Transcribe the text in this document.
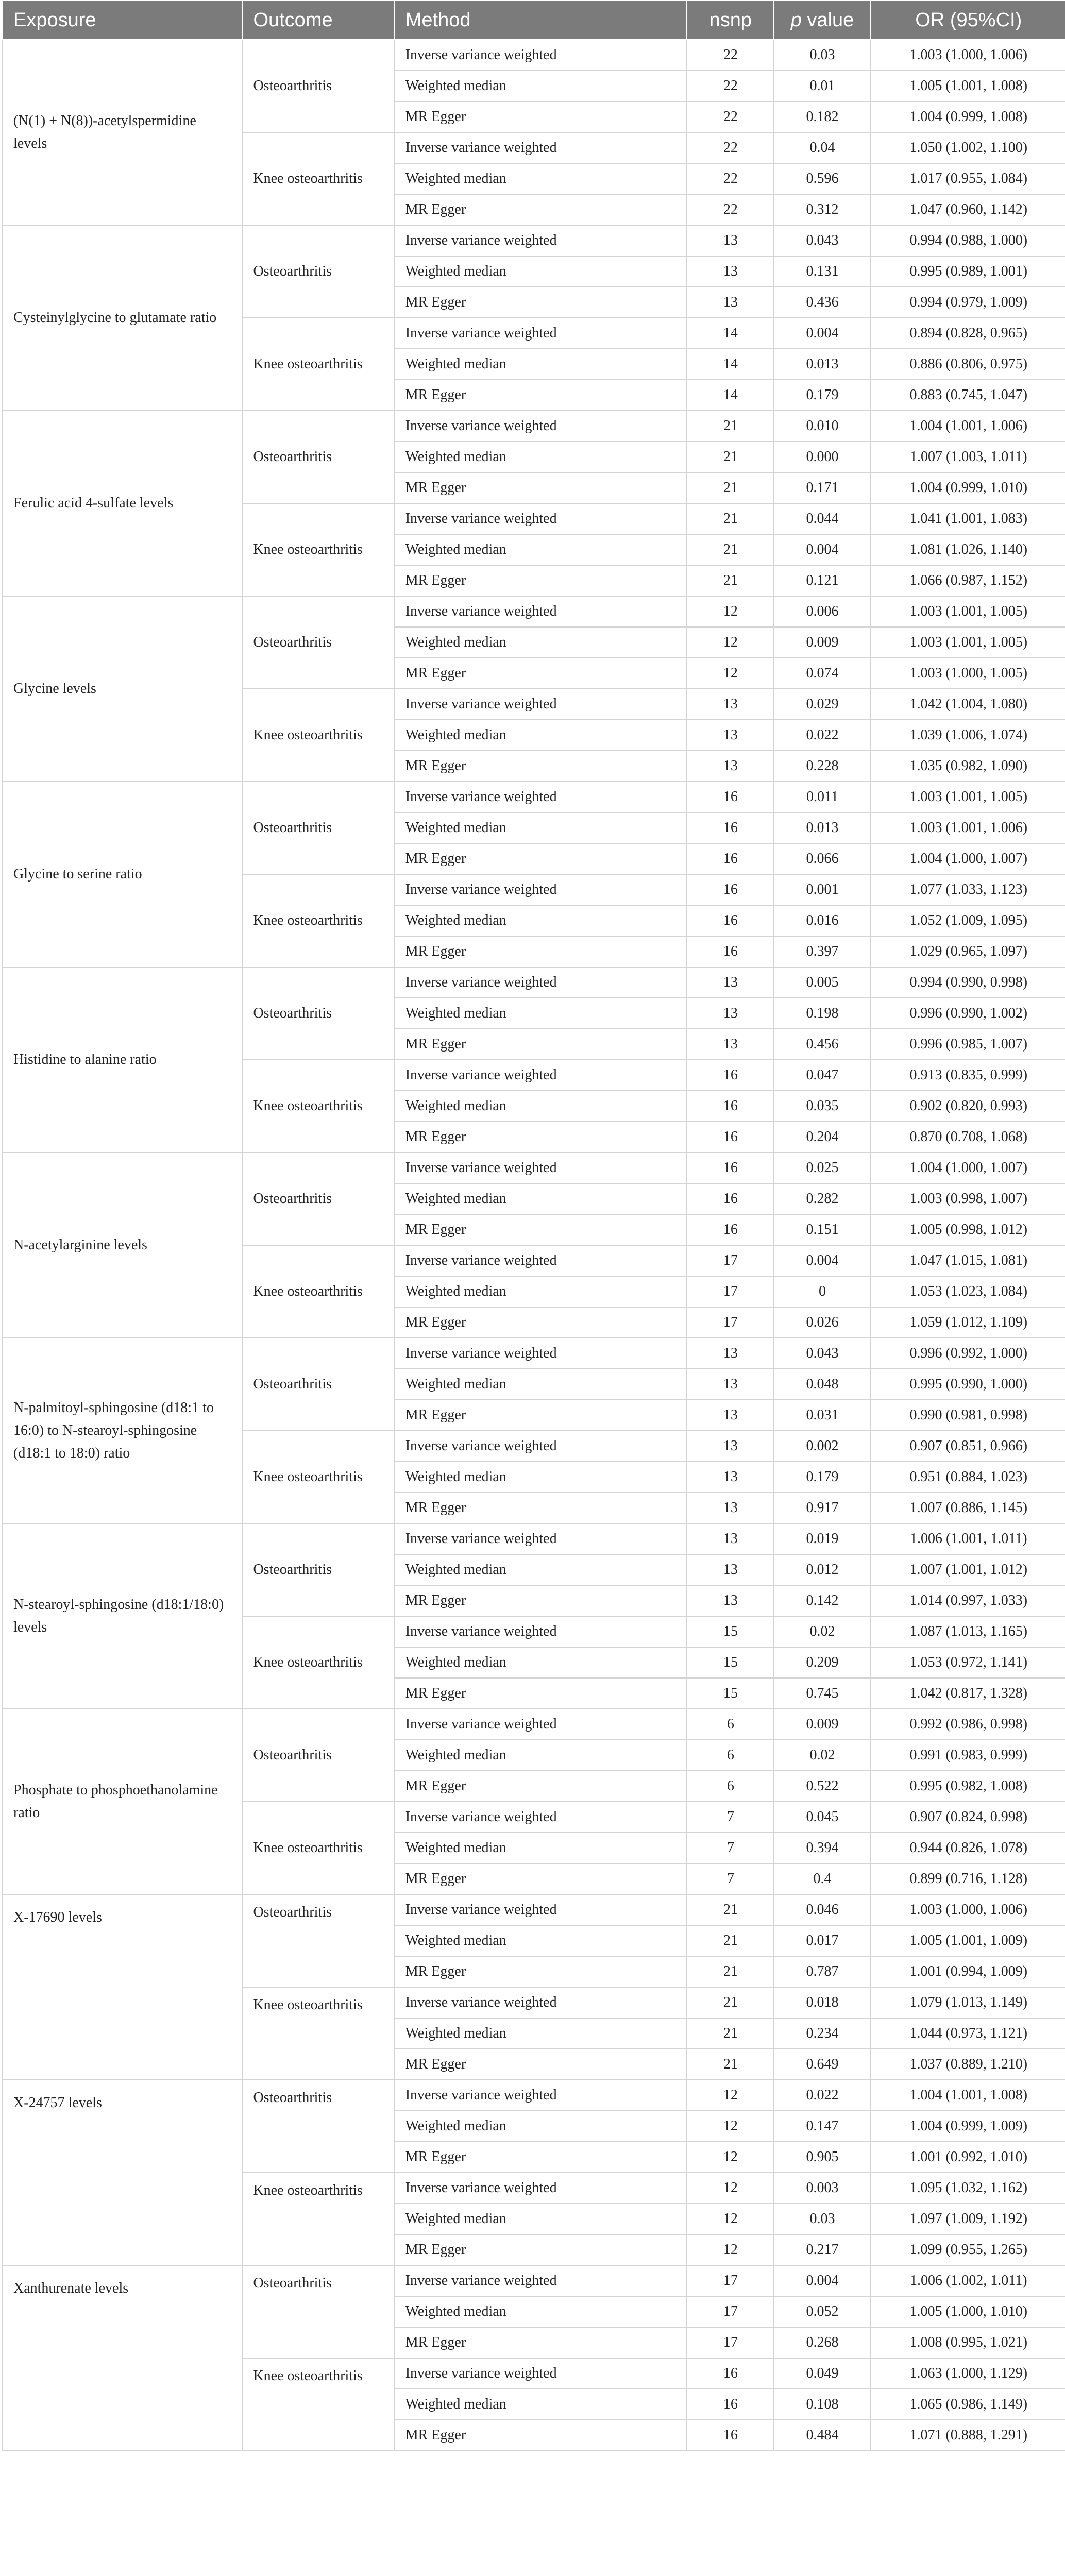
Exposure	Outcome	Method	nsnp	p value	OR (95%CI)
(N(1) + N(8))-acetylspermidine levels	Osteoarthritis	Inverse variance weighted	22	0.03	1.003 (1.000, 1.006)
		Weighted median	22	0.01	1.005 (1.001, 1.008)
		MR Egger	22	0.182	1.004 (0.999, 1.008)
	Knee osteoarthritis	Inverse variance weighted	22	0.04	1.050 (1.002, 1.100)
		Weighted median	22	0.596	1.017 (0.955, 1.084)
		MR Egger	22	0.312	1.047 (0.960, 1.142)
Cysteinylglycine to glutamate ratio	Osteoarthritis	Inverse variance weighted	13	0.043	0.994 (0.988, 1.000)
		Weighted median	13	0.131	0.995 (0.989, 1.001)
		MR Egger	13	0.436	0.994 (0.979, 1.009)
	Knee osteoarthritis	Inverse variance weighted	14	0.004	0.894 (0.828, 0.965)
		Weighted median	14	0.013	0.886 (0.806, 0.975)
		MR Egger	14	0.179	0.883 (0.745, 1.047)
Ferulic acid 4-sulfate levels	Osteoarthritis	Inverse variance weighted	21	0.010	1.004 (1.001, 1.006)
		Weighted median	21	0.000	1.007 (1.003, 1.011)
		MR Egger	21	0.171	1.004 (0.999, 1.010)
	Knee osteoarthritis	Inverse variance weighted	21	0.044	1.041 (1.001, 1.083)
		Weighted median	21	0.004	1.081 (1.026, 1.140)
		MR Egger	21	0.121	1.066 (0.987, 1.152)
Glycine levels	Osteoarthritis	Inverse variance weighted	12	0.006	1.003 (1.001, 1.005)
		Weighted median	12	0.009	1.003 (1.001, 1.005)
		MR Egger	12	0.074	1.003 (1.000, 1.005)
	Knee osteoarthritis	Inverse variance weighted	13	0.029	1.042 (1.004, 1.080)
		Weighted median	13	0.022	1.039 (1.006, 1.074)
		MR Egger	13	0.228	1.035 (0.982, 1.090)
Glycine to serine ratio	Osteoarthritis	Inverse variance weighted	16	0.011	1.003 (1.001, 1.005)
		Weighted median	16	0.013	1.003 (1.001, 1.006)
		MR Egger	16	0.066	1.004 (1.000, 1.007)
	Knee osteoarthritis	Inverse variance weighted	16	0.001	1.077 (1.033, 1.123)
		Weighted median	16	0.016	1.052 (1.009, 1.095)
		MR Egger	16	0.397	1.029 (0.965, 1.097)
Histidine to alanine ratio	Osteoarthritis	Inverse variance weighted	13	0.005	0.994 (0.990, 0.998)
		Weighted median	13	0.198	0.996 (0.990, 1.002)
		MR Egger	13	0.456	0.996 (0.985, 1.007)
	Knee osteoarthritis	Inverse variance weighted	16	0.047	0.913 (0.835, 0.999)
		Weighted median	16	0.035	0.902 (0.820, 0.993)
		MR Egger	16	0.204	0.870 (0.708, 1.068)
N-acetylarginine levels	Osteoarthritis	Inverse variance weighted	16	0.025	1.004 (1.000, 1.007)
		Weighted median	16	0.282	1.003 (0.998, 1.007)
		MR Egger	16	0.151	1.005 (0.998, 1.012)
	Knee osteoarthritis	Inverse variance weighted	17	0.004	1.047 (1.015, 1.081)
		Weighted median	17	0	1.053 (1.023, 1.084)
		MR Egger	17	0.026	1.059 (1.012, 1.109)
N-palmitoyl-sphingosine (d18:1 to 16:0) to N-stearoyl-sphingosine (d18:1 to 18:0) ratio	Osteoarthritis	Inverse variance weighted	13	0.043	0.996 (0.992, 1.000)
		Weighted median	13	0.048	0.995 (0.990, 1.000)
		MR Egger	13	0.031	0.990 (0.981, 0.998)
	Knee osteoarthritis	Inverse variance weighted	13	0.002	0.907 (0.851, 0.966)
		Weighted median	13	0.179	0.951 (0.884, 1.023)
		MR Egger	13	0.917	1.007 (0.886, 1.145)
N-stearoyl-sphingosine (d18:1/18:0) levels	Osteoarthritis	Inverse variance weighted	13	0.019	1.006 (1.001, 1.011)
		Weighted median	13	0.012	1.007 (1.001, 1.012)
		MR Egger	13	0.142	1.014 (0.997, 1.033)
	Knee osteoarthritis	Inverse variance weighted	15	0.02	1.087 (1.013, 1.165)
		Weighted median	15	0.209	1.053 (0.972, 1.141)
		MR Egger	15	0.745	1.042 (0.817, 1.328)
Phosphate to phosphoethanolamine ratio	Osteoarthritis	Inverse variance weighted	6	0.009	0.992 (0.986, 0.998)
		Weighted median	6	0.02	0.991 (0.983, 0.999)
		MR Egger	6	0.522	0.995 (0.982, 1.008)
	Knee osteoarthritis	Inverse variance weighted	7	0.045	0.907 (0.824, 0.998)
		Weighted median	7	0.394	0.944 (0.826, 1.078)
		MR Egger	7	0.4	0.899 (0.716, 1.128)
X-17690 levels	Osteoarthritis	Inverse variance weighted	21	0.046	1.003 (1.000, 1.006)
		Weighted median	21	0.017	1.005 (1.001, 1.009)
		MR Egger	21	0.787	1.001 (0.994, 1.009)
	Knee osteoarthritis	Inverse variance weighted	21	0.018	1.079 (1.013, 1.149)
		Weighted median	21	0.234	1.044 (0.973, 1.121)
		MR Egger	21	0.649	1.037 (0.889, 1.210)
X-24757 levels	Osteoarthritis	Inverse variance weighted	12	0.022	1.004 (1.001, 1.008)
		Weighted median	12	0.147	1.004 (0.999, 1.009)
		MR Egger	12	0.905	1.001 (0.992, 1.010)
	Knee osteoarthritis	Inverse variance weighted	12	0.003	1.095 (1.032, 1.162)
		Weighted median	12	0.03	1.097 (1.009, 1.192)
		MR Egger	12	0.217	1.099 (0.955, 1.265)
Xanthurenate levels	Osteoarthritis	Inverse variance weighted	17	0.004	1.006 (1.002, 1.011)
		Weighted median	17	0.052	1.005 (1.000, 1.010)
		MR Egger	17	0.268	1.008 (0.995, 1.021)
	Knee osteoarthritis	Inverse variance weighted	16	0.049	1.063 (1.000, 1.129)
		Weighted median	16	0.108	1.065 (0.986, 1.149)
		MR Egger	16	0.484	1.071 (0.888, 1.291)
